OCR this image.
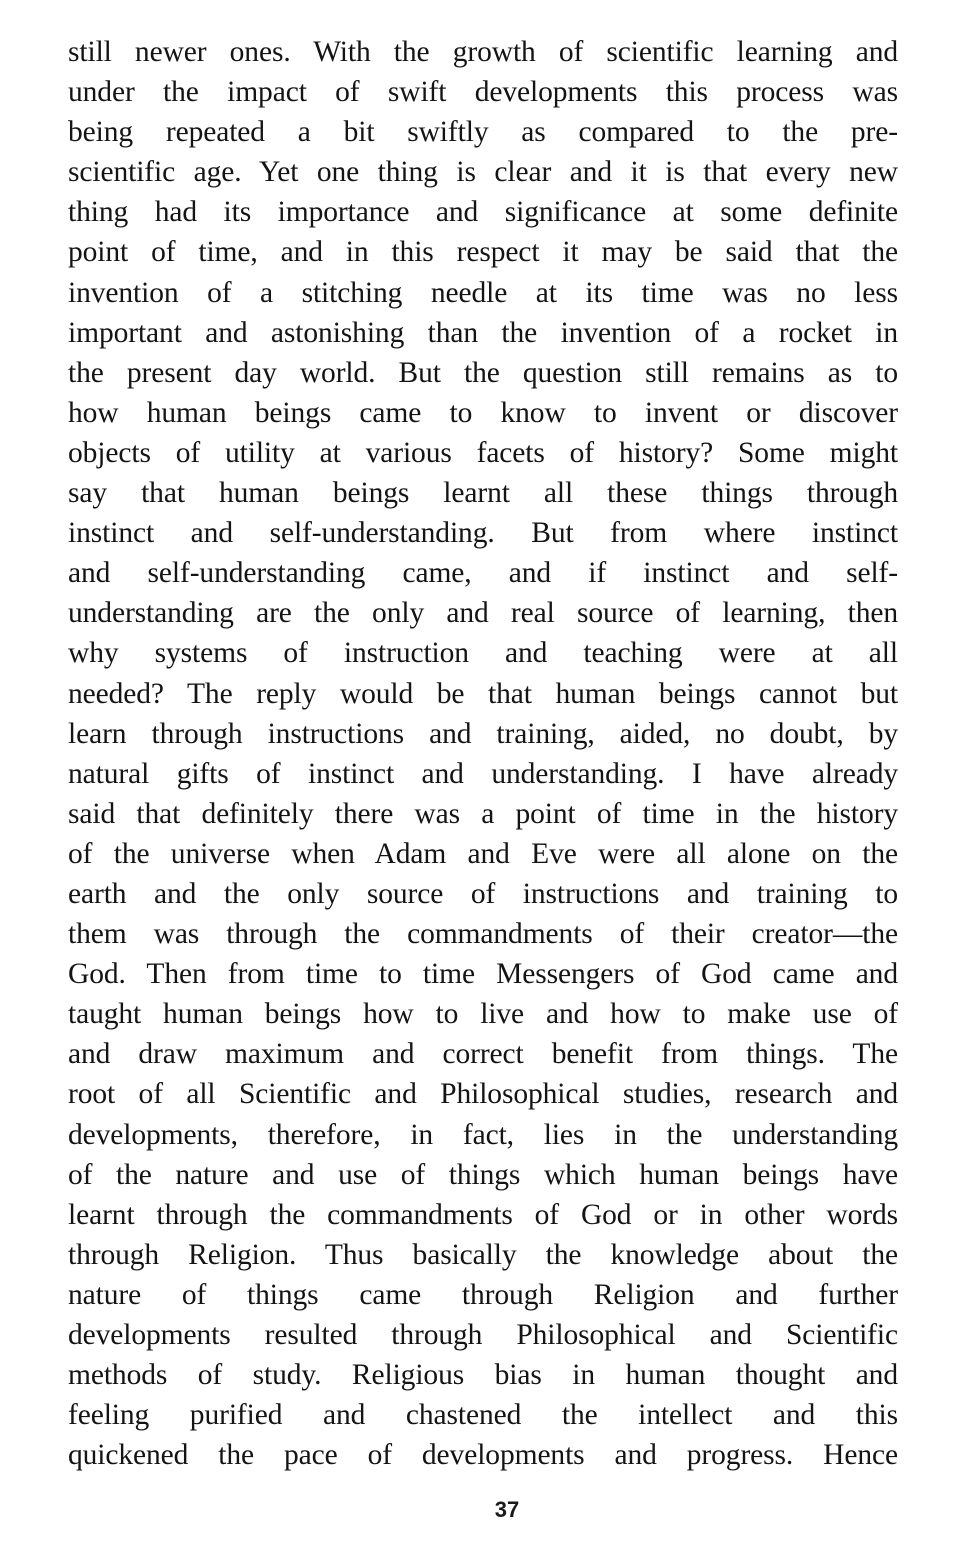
still newer ones. With the growth of scientific learning and
under the impact of swift developments this process was
being repeated a bit swiftly as compared to the pre-
scientific age. Yet one thing is clear and it is that every new
thing had its importance and significance at some definite
point of time, and in this respect it may be said that the
invention of a stitching needle at its time was no less
important and astonishing than the invention of a rocket in
the present day world. But the question still remains as to
how human beings came to know to invent or discover
objects of utility at various facets of history? Some might
say that human beings learnt all these things through
instinct and self-understanding. But from where instinct
and self-understanding came, and if instinct and self-
understanding are the only and real source of learning, then
why systems of instruction and teaching were at all
needed? The reply would be that human beings cannot but
learn through instructions and training, aided, no doubt, by
natural gifts of instinct and understanding. I have already
said that definitely there was a point of time in the history
of the universe when Adam and Eve were all alone on the
earth and the only source of instructions and training to
them was through the commandments of their creator—the
God. Then from time to time Messengers of God came and
taught human beings how to live and how to make use of
and draw maximum and correct benefit from things. The
root of all Scientific and Philosophical studies, research and
developments, therefore, in fact, lies in the understanding
of the nature and use of things which human beings have
learnt through the commandments of God or in other words
through Religion. Thus basically the knowledge about the
nature of things came through Religion and further
developments resulted through Philosophical and Scientific
methods of study. Religious bias in human thought and
feeling purified and chastened the intellect and this
quickened the pace of developments and progress. Hence
37
